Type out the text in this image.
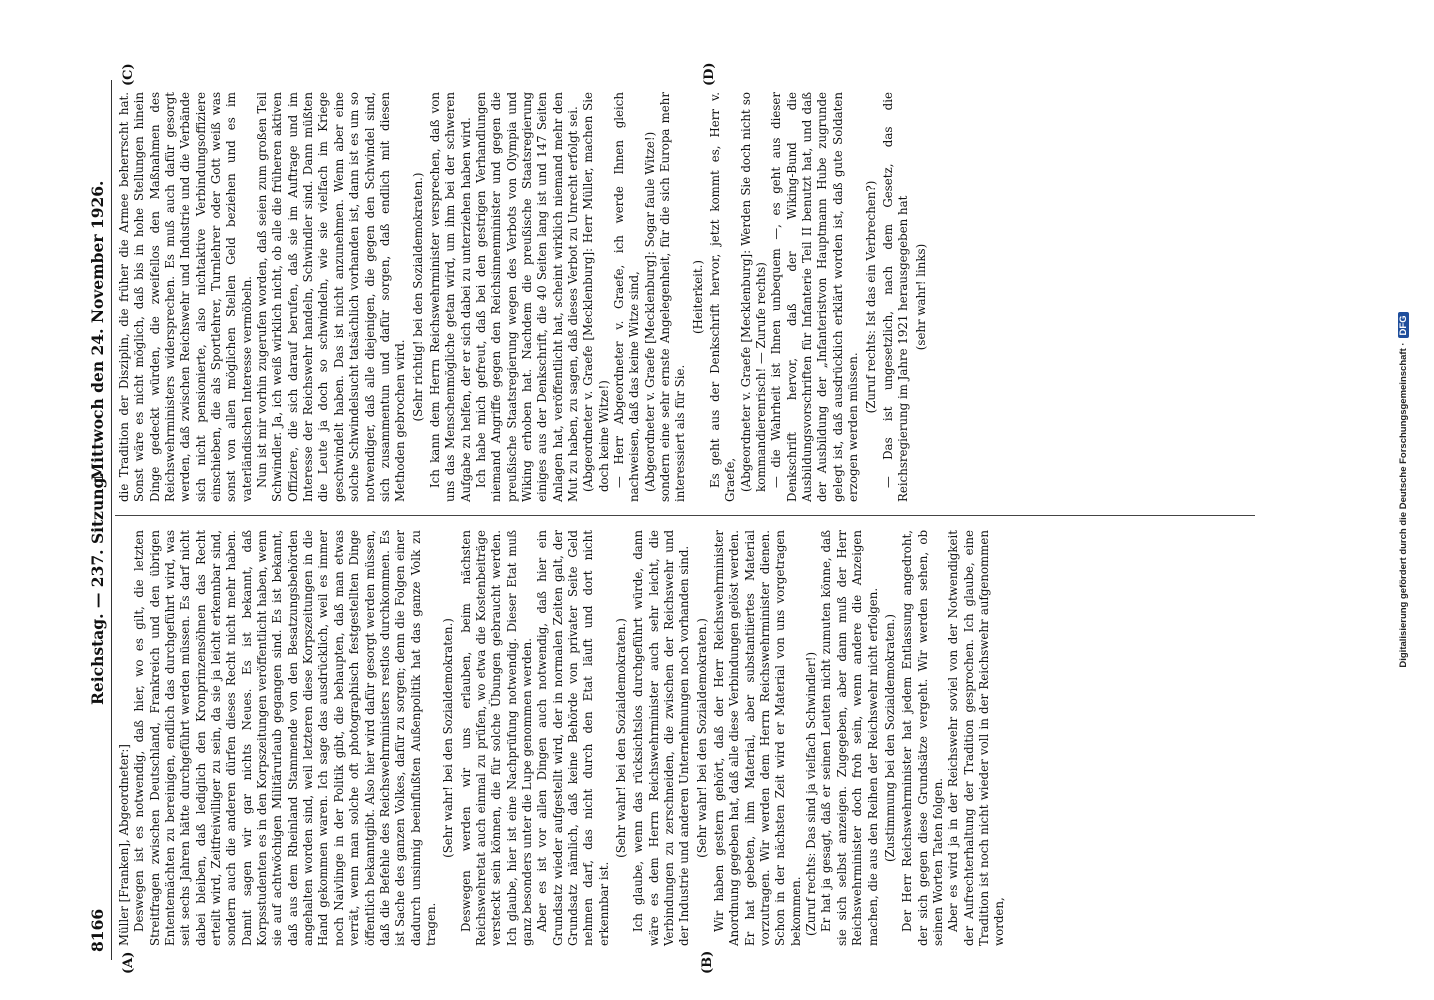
8166
Reichstag. — 237. Sitzung.
Mittwoch den 24. November 1926.
(A)	(B)
(C)	(D)

Müller [Franken], Abgeordneter:] Deswegen ist es notwendig, daß hier, wo es gilt, die letzten Streitfragen zwischen Deutschland, Frankreich und den übrigen Ententemächten zu bereinigen, endlich das durchgeführt wird, was seit sechs Jahren hätte durchgeführt werden müssen. Es darf nicht dabei bleiben, daß lediglich den Kronprinzensöhnen das Recht erteilt wird, Zeitfreiwilliger zu sein, da sie ja leicht erkennbar sind, sondern auch die anderen dürfen dieses Recht nicht mehr haben. Damit sagen wir gar nichts Neues. Es ist bekannt, daß Korpsstudenten es in den Korpszeitungen veröffentlicht haben, wenn sie auf achtwöchigen Militärurlaub gegangen sind. Es ist bekannt, daß aus dem Rheinland Stammende von den Besatzungsbehörden angehalten worden sind, weil letzteren diese Korpszeitungen in die Hand gekommen waren. Ich sage das ausdrücklich, weil es immer noch Naivlinge in der Politik gibt, die behaupten, daß man etwas verrät, wenn man solche oft photographisch festgestellten Dinge öffentlich bekanntgibt. Also hier wird dafür gesorgt werden müssen, daß die Befehle des Reichswehrministers restlos durchkommen. Es ist Sache des ganzen Volkes, dafür zu sorgen; denn die Folgen einer dadurch unsinnig beeinflußten Außenpolitik hat das ganze Volk zu tragen.

(Sehr wahr! bei den Sozialdemokraten.) Deswegen werden wir uns erlauben, beim nächsten Reichswehretat auch einmal zu prüfen, wo etwa die Kostenbeiträge versteckt sein können, die für solche Übungen gebraucht werden. Ich glaube, hier ist eine Nachprüfung notwendig. Dieser Etat muß ganz besonders unter die Lupe genommen werden. Aber es ist vor allen Dingen auch notwendig, daß hier ein Grundsatz wieder aufgestellt wird, der in normalen Zeiten galt, der Grundsatz nämlich, daß keine Behörde von privater Seite Geld nehmen darf, das nicht durch den Etat läuft und dort nicht erkennbar ist.

(Sehr wahr! bei den Sozialdemokraten.) Ich glaube, wenn das rücksichtslos durchgeführt würde, dann wäre es dem Herrn Reichswehrminister auch sehr leicht, die Verbindungen zu zerschneiden, die zwischen der Reichswehr und der Industrie und anderen Unternehmungen noch vorhanden sind. (Sehr wahr! bei den Sozialdemokraten.) Wir haben gestern gehört, daß der Herr Reichswehrminister Anordnung gegeben hat, daß alle diese Verbindungen gelöst werden. Er hat gebeten, ihm Material, aber substantiiertes Material vorzutragen. Wir werden dem Herrn Reichswehrminister dienen. Schon in der nächsten Zeit wird er Material von uns vorgetragen bekommen. (Zuruf rechts: Das sind ja vielfach Schwindler!) Er hat ja gesagt, daß er seinen Leuten nicht zumuten könne, daß sie sich selbst anzeigen. Zugegeben, aber dann muß der Herr Reichswehrminister doch froh sein, wenn andere die Anzeigen machen, die aus den Reihen der Reichswehr nicht erfolgen. (Zustimmung bei den Sozialdemokraten.) Der Herr Reichswehrminister hat jedem Entlassung angedroht, der sich gegen diese Grundsätze vergeht. Wir werden sehen, ob seinen Worten Taten folgen. Aber es wird ja in der Reichswehr soviel von der Notwendigkeit der Aufrechterhaltung der Tradition gesprochen. Ich glaube, eine Tradition ist noch nicht wieder voll in der Reichswehr aufgenommen worden,

die Tradition der Disziplin, die früher die Armee beherrscht hat. Sonst wäre es nicht möglich, daß bis in hohe Stellungen hinein Dinge gedeckt würden, die zweifellos den Maßnahmen des Reichswehrministers widersprechen. Es muß auch dafür gesorgt werden, daß zwischen Reichswehr und Industrie und die Verbände sich nicht pensionierte, also nichtaktive Verbindungsoffiziere einschieben, die als Sportlehrer, Turnlehrer oder Gott weiß was sonst von allen möglichen Stellen Geld beziehen und es im vaterländischen Interesse vermöbeln. Nun ist mir vorhin zugerufen worden, daß seien zum großen Teil Schwindler. Ja, ich weiß wirklich nicht, ob alle die früheren aktiven Offiziere, die sich darauf berufen, daß sie im Auftrage und im Interesse der Reichswehr handeln, Schwindler sind. Dann müßten die Leute ja doch so schwindeln, wie sie vielfach im Kriege geschwindelt haben. Das ist nicht anzunehmen. Wenn aber eine solche Schwindelsucht tatsächlich vorhanden ist, dann ist es um so notwendiger, daß alle diejenigen, die gegen den Schwindel sind, sich zusammentun und dafür sorgen, daß endlich mit diesen Methoden gebrochen wird. (Sehr richtig! bei den Sozialdemokraten.) Ich kann dem Herrn Reichswehrminister versprechen, daß von uns das Menschenmögliche getan wird, um ihm bei der schweren Aufgabe zu helfen, der er sich dabei zu unterziehen haben wird. Ich habe mich gefreut, daß bei den gestrigen Verhandlungen niemand Angriffe gegen den Reichsinnenminister und gegen die preußische Staatsregierung wegen des Verbots von Olympia und Wiking erhoben hat. Nachdem die preußische Staatsregierung einiges aus der Denkschrift, die 40 Seiten lang ist und 147 Seiten Anlagen hat, veröffentlicht hat, scheint wirklich niemand mehr den Mut zu haben, zu sagen, daß dieses Verbot zu Unrecht erfolgt sei. (Abgeordneter v. Graefe [Mecklenburg]: Herr Müller, machen Sie doch keine Witze!) — Herr Abgeordneter v. Graefe, ich werde Ihnen gleich nachweisen, daß das keine Witze sind, (Abgeordneter v. Graefe [Mecklenburg]: Sogar faule Witze!) sondern eine sehr ernste Angelegenheit, für die sich Europa mehr interessiert als für Sie.

(Heiterkeit.) Es geht aus der Denkschrift hervor, jetzt kommt es, Herr v. Graefe, (Abgeordneter v. Graefe [Mecklenburg]: Werden Sie doch nicht so kommandierenrisch! — Zurufe rechts) — die Wahrheit ist Ihnen unbequem —, es geht aus dieser Denkschrift hervor, daß der Wiking-Bund die Ausbildungsvorschriften für Infanterie Teil II benutzt hat, und daß der Ausbildung der „Infanteristvon Hauptmann Hube zugrunde gelegt ist, daß ausdrücklich erklärt worden ist, daß gute Soldaten erzogen werden müssen.

(Zuruf rechts: Ist das ein Verbrechen?) — Das ist ungesetzlich, nach dem Gesetz, das die Reichsregierung im Jahre 1921 herausgegeben hat (sehr wahr! links)

Digitalisierung gefördert durch die Deutsche Forschungsgemeinschaft ·DFG
